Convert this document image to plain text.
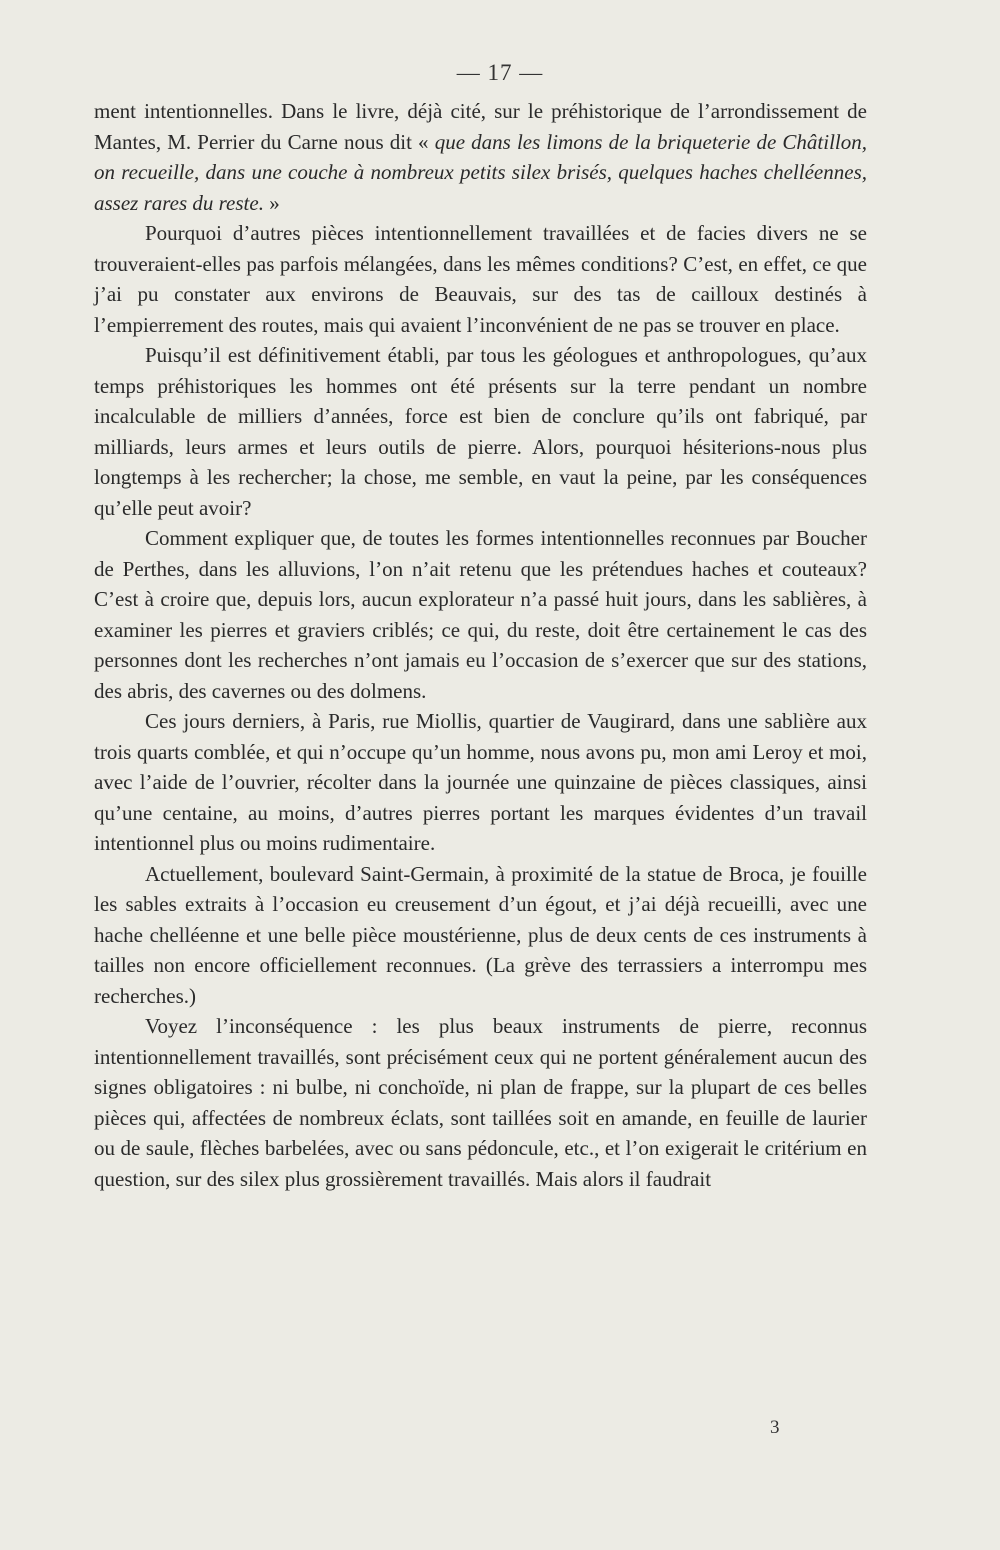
— 17 —

ment intentionnelles. Dans le livre, déjà cité, sur le préhistorique de l’arrondissement de Mantes, M. Perrier du Carne nous dit « que dans les limons de la briqueterie de Châtillon, on recueille, dans une couche à nombreux petits silex brisés, quelques haches chelléennes, assez rares du reste. »

Pourquoi d’autres pièces intentionnellement travaillées et de facies divers ne se trouveraient-elles pas parfois mélangées, dans les mêmes conditions? C’est, en effet, ce que j’ai pu constater aux environs de Beauvais, sur des tas de cailloux destinés à l’empierrement des routes, mais qui avaient l’inconvénient de ne pas se trouver en place.

Puisqu’il est définitivement établi, par tous les géologues et anthropologues, qu’aux temps préhistoriques les hommes ont été présents sur la terre pendant un nombre incalculable de milliers d’années, force est bien de conclure qu’ils ont fabriqué, par milliards, leurs armes et leurs outils de pierre. Alors, pourquoi hésiterions-nous plus longtemps à les rechercher; la chose, me semble, en vaut la peine, par les conséquences qu’elle peut avoir?

Comment expliquer que, de toutes les formes intentionnelles reconnues par Boucher de Perthes, dans les alluvions, l’on n’ait retenu que les prétendues haches et couteaux? C’est à croire que, depuis lors, aucun explorateur n’a passé huit jours, dans les sablières, à examiner les pierres et graviers criblés; ce qui, du reste, doit être certainement le cas des personnes dont les recherches n’ont jamais eu l’occasion de s’exercer que sur des stations, des abris, des cavernes ou des dolmens.

Ces jours derniers, à Paris, rue Miollis, quartier de Vaugirard, dans une sablière aux trois quarts comblée, et qui n’occupe qu’un homme, nous avons pu, mon ami Leroy et moi, avec l’aide de l’ouvrier, récolter dans la journée une quinzaine de pièces classiques, ainsi qu’une centaine, au moins, d’autres pierres portant les marques évidentes d’un travail intentionnel plus ou moins rudimentaire.

Actuellement, boulevard Saint-Germain, à proximité de la statue de Broca, je fouille les sables extraits à l’occasion eu creusement d’un égout, et j’ai déjà recueilli, avec une hache chelléenne et une belle pièce moustérienne, plus de deux cents de ces instruments à tailles non encore officiellement reconnues. (La grève des terrassiers a interrompu mes recherches.)

Voyez l’inconséquence : les plus beaux instruments de pierre, reconnus intentionnellement travaillés, sont précisément ceux qui ne portent généralement aucun des signes obligatoires : ni bulbe, ni conchoïde, ni plan de frappe, sur la plupart de ces belles pièces qui, affectées de nombreux éclats, sont taillées soit en amande, en feuille de laurier ou de saule, flèches barbelées, avec ou sans pédoncule, etc., et l’on exigerait le critérium en question, sur des silex plus grossièrement travaillés. Mais alors il faudrait

3
